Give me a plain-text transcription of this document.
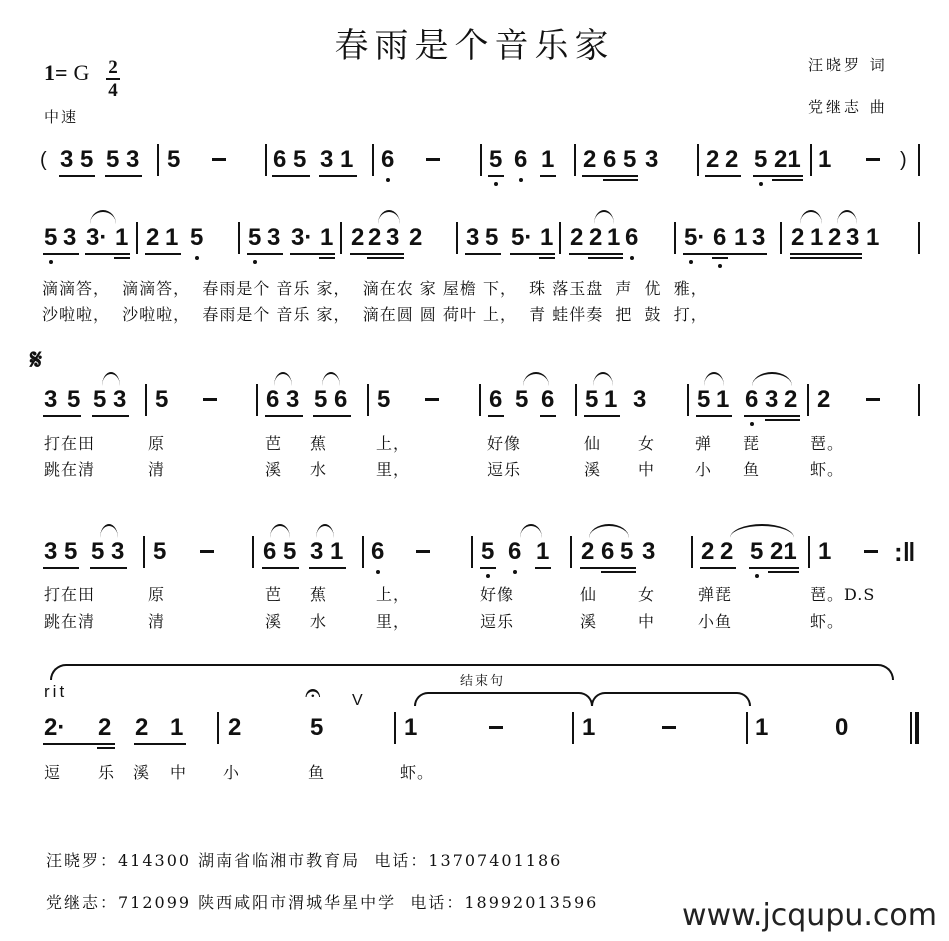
春雨是个音乐家	汪晓罗 词
党继志 曲
1= G 2
4
中速
( 3 5 5 3 5	6 5 3 1 6	5 6 1 2 6 5 3 2 2 5 21 1	)
5 3 3· 1 2 1 5 5 3 3· 1 2 2 3 2 3 5 5· 1 2 2 1 6 5· 6 1 3 2 1 2 3 1
滴滴答，  滴滴答，  春雨是个 音乐 家，  滴在农 家 屋檐 下，  珠 落玉盘  声  优  雅，
沙啦啦，  沙啦啦，  春雨是个 音乐 家，  滴在圆 圆 荷叶 上，  青 蛙伴奏  把  鼓  打，
𝄋
3 5 5 3 5	6 3 5 6 5	6 5 6 5 1 3 5 1 6 3 2 2
打在田	原	芭 蕉	上，	好像	仙 女 弹 琵	琶。
跳在清	清	溪 水	里，	逗乐	溪 中 小 鱼	虾。
3 5 5 3 5	6 5 3 1 6	5 6 1 2 6 5 3 2 2 5 21 1 :‖
打在田	原	芭 蕉	上，	好像	仙	女	弹琵	琶。D.S
跳在清	清	溪 水	里，	逗乐	溪	中	小鱼	虾。
rit
结束句
𝄐 V
2· 2 2 1 2	5	1	1	1	0
逗 乐 溪 中 小	鱼	虾。
汪晓罗：414300 湖南省临湘市教育局  电话：13707401186
党继志：712099 陕西咸阳市渭城华星中学  电话：18992013596	www.jcqupu.com
